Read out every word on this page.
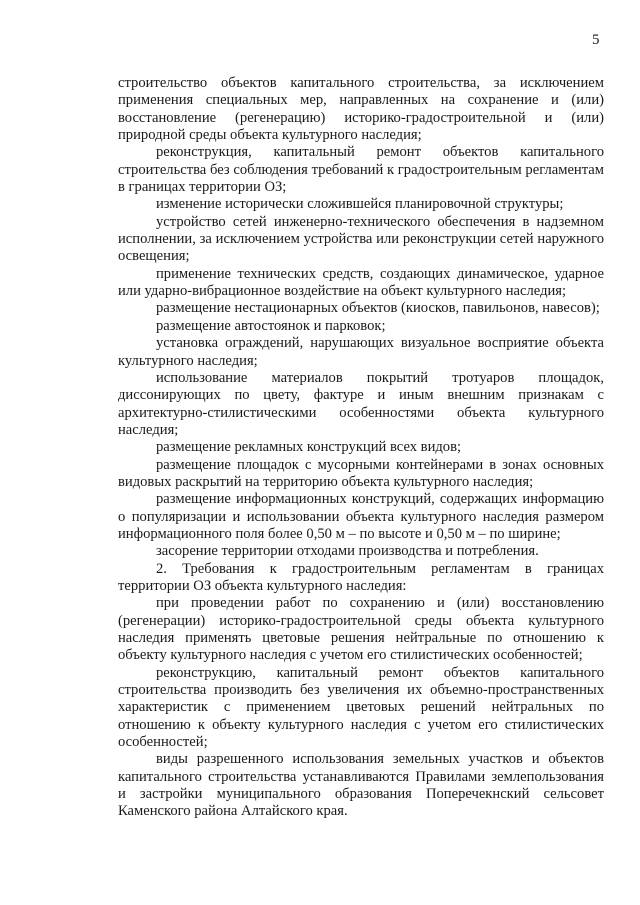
5

строительство объектов капитального строительства, за исключением применения специальных мер, направленных на сохранение и (или) восстановление (регенерацию) историко-градостроительной и (или) природной среды объекта культурного наследия;

реконструкция, капитальный ремонт объектов капитального строительства без соблюдения требований к градостроительным регламентам в границах территории ОЗ;

изменение исторически сложившейся планировочной структуры;

устройство сетей инженерно-технического обеспечения в надземном исполнении, за исключением устройства или реконструкции сетей наружного освещения;

применение технических средств, создающих динамическое, ударное или ударно-вибрационное воздействие на объект культурного наследия;

размещение нестационарных объектов (киосков, павильонов, навесов);

размещение автостоянок и парковок;

установка ограждений, нарушающих визуальное восприятие объекта культурного наследия;

использование материалов покрытий тротуаров площадок, диссонирующих по цвету, фактуре и иным внешним признакам с архитектурно-стилистическими особенностями объекта культурного наследия;

размещение рекламных конструкций всех видов;

размещение площадок с мусорными контейнерами в зонах основных видовых раскрытий на территорию объекта культурного наследия;

размещение информационных конструкций, содержащих информацию о популяризации и использовании объекта культурного наследия размером информационного поля более 0,50 м – по высоте и 0,50 м – по ширине;

засорение территории отходами производства и потребления.

2. Требования к градостроительным регламентам в границах территории ОЗ объекта культурного наследия:

при проведении работ по сохранению и (или) восстановлению (регенерации) историко-градостроительной среды объекта культурного наследия применять цветовые решения нейтральные по отношению к объекту культурного наследия с учетом его стилистических особенностей;

реконструкцию, капитальный ремонт объектов капитального строительства производить без увеличения их объемно-пространственных характеристик с применением цветовых решений нейтральных по отношению к объекту культурного наследия с учетом его стилистических особенностей;

виды разрешенного использования земельных участков и объектов капитального строительства устанавливаются Правилами землепользования и застройки муниципального образования Поперечекнский сельсовет Каменского района Алтайского края.
